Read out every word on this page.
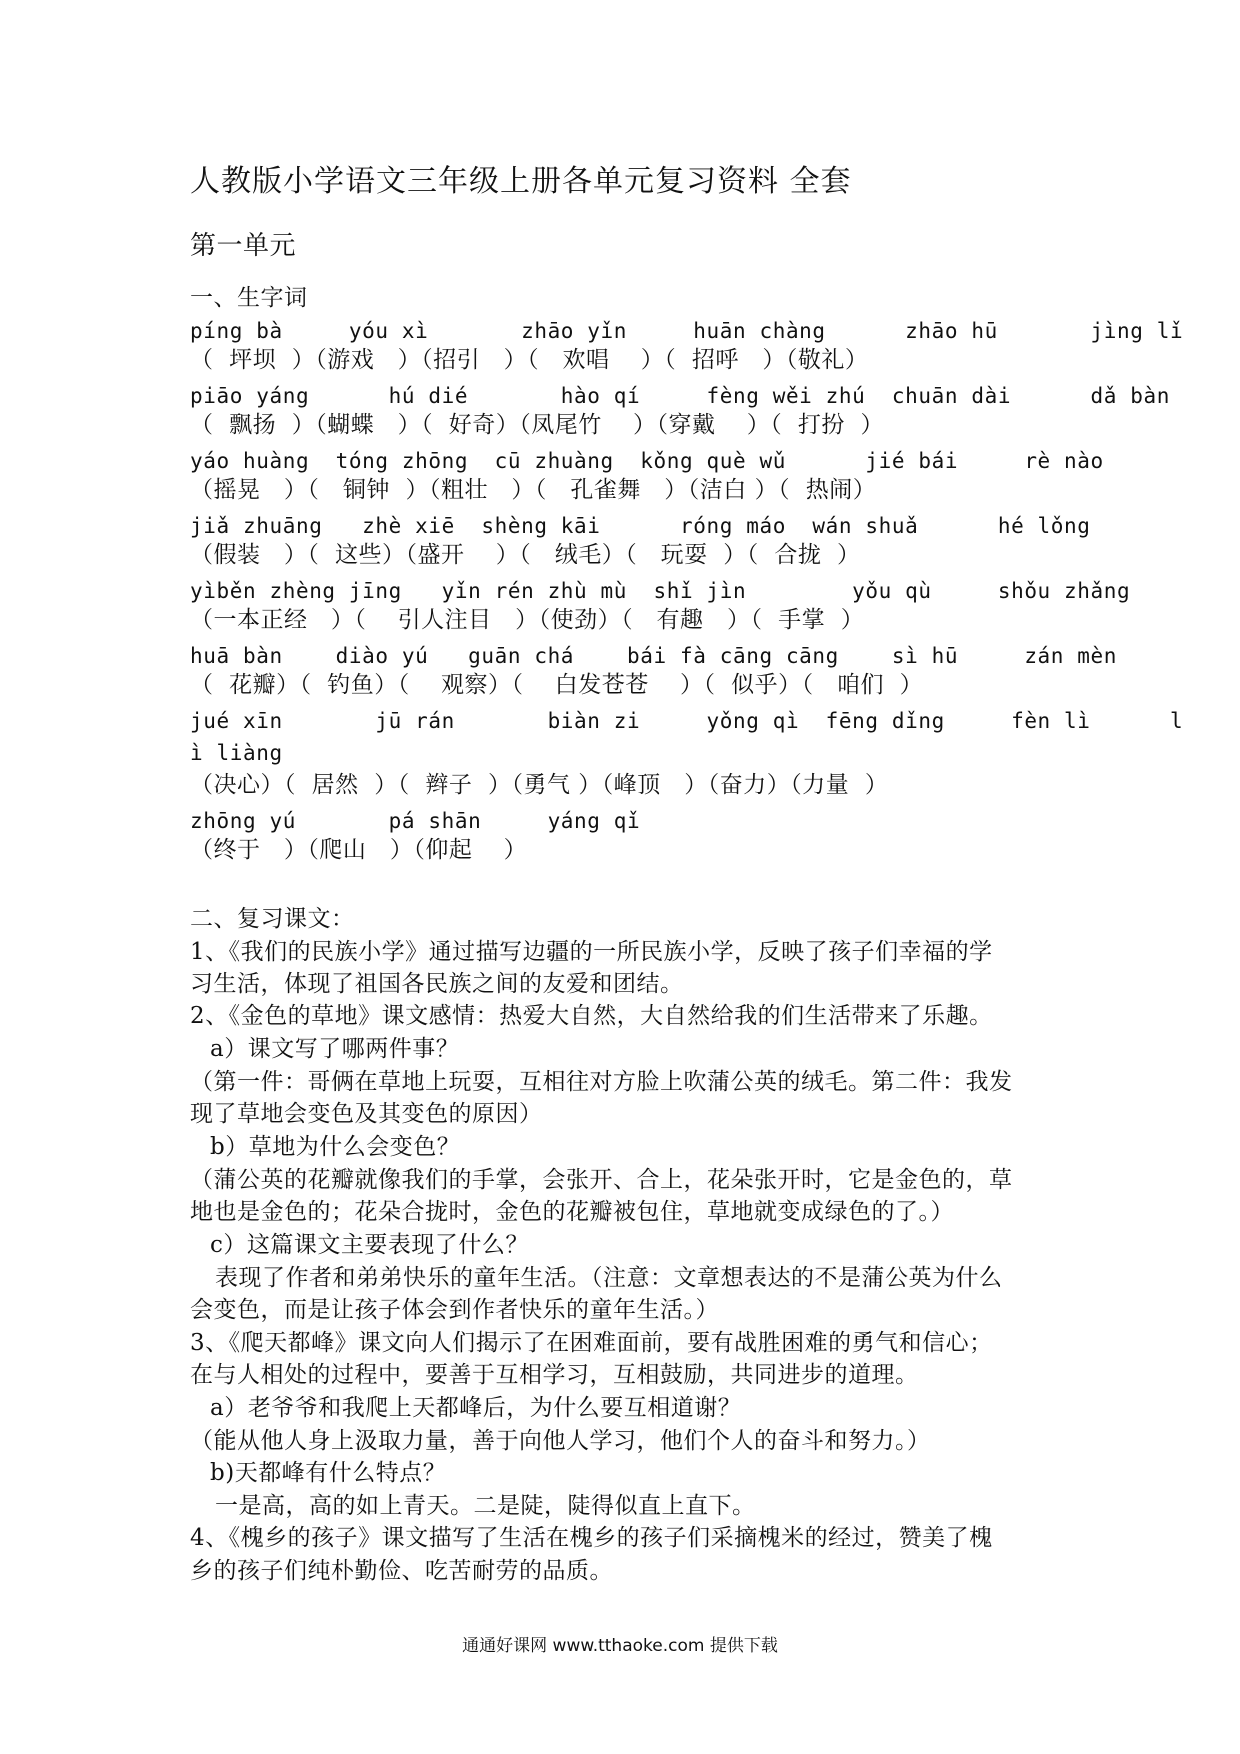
人教版小学语文三年级上册各单元复习资料 全套
第一单元
一、生字词
píng bà     yóu xì       zhāo yǐn     huān chàng      zhāo hū       jìng lǐ
（  坪坝  ）（游戏   ）（招引   ）（   欢唱    ）（  招呼   ）（敬礼）
piāo yáng      hú dié       hào qí     fèng wěi zhú  chuān dài      dǎ bàn
（  飘扬  ）（蝴蝶   ）（  好奇）（凤尾竹    ）（穿戴    ）（  打扮  ）
yáo huàng  tóng zhōng  cū zhuàng  kǒng què wǔ      jié bái     rè nào
（摇晃   ）（   铜钟  ）（粗壮   ）（   孔雀舞   ）（洁白 ）（  热闹）
jiǎ zhuāng   zhè xiē  shèng kāi      róng máo  wán shuǎ      hé lǒng
（假装   ）（  这些）（盛开    ）（   绒毛）（   玩耍  ）（  合拢  ）
yìběn zhèng jīng   yǐn rén zhù mù  shǐ jìn        yǒu qù     shǒu zhǎng
（一本正经   ）（    引人注目   ）（使劲）（   有趣   ）（  手掌  ）
huā bàn    diào yú   guān chá    bái fà cāng cāng    sì hū     zán mèn
（  花瓣）（  钓鱼）（    观察）（    白发苍苍    ）（  似乎）（   咱们  ）
jué xīn       jū rán       biàn zi     yǒng qì  fēng dǐng     fèn lì      l
ì liàng
（决心）（  居然  ）（  辫子  ）（勇气 ）（峰顶   ）（奋力）（力量  ）
zhōng yú       pá shān     yáng qǐ
（终于   ）（爬山   ）（仰起    ）
二、复习课文：
1、《我们的民族小学》通过描写边疆的一所民族小学，反映了孩子们幸福的学
习生活，体现了祖国各民族之间的友爱和团结。
2、《金色的草地》课文感情：热爱大自然，大自然给我的们生活带来了乐趣。
a）课文写了哪两件事？
（第一件：哥俩在草地上玩耍，互相往对方脸上吹蒲公英的绒毛。第二件：我发
现了草地会变色及其变色的原因）
b）草地为什么会变色？
（蒲公英的花瓣就像我们的手掌，会张开、合上，花朵张开时，它是金色的，草
地也是金色的；花朵合拢时，金色的花瓣被包住，草地就变成绿色的了。）
c）这篇课文主要表现了什么？
表现了作者和弟弟快乐的童年生活。（注意：文章想表达的不是蒲公英为什么
会变色，而是让孩子体会到作者快乐的童年生活。）
3、《爬天都峰》课文向人们揭示了在困难面前，要有战胜困难的勇气和信心；
在与人相处的过程中，要善于互相学习，互相鼓励，共同进步的道理。
a）老爷爷和我爬上天都峰后，为什么要互相道谢？
（能从他人身上汲取力量，善于向他人学习，他们个人的奋斗和努力。）
b)天都峰有什么特点？
一是高，高的如上青天。二是陡，陡得似直上直下。
4、《槐乡的孩子》课文描写了生活在槐乡的孩子们采摘槐米的经过，赞美了槐
乡的孩子们纯朴勤俭、吃苦耐劳的品质。
通通好课网 www.tthaoke.com 提供下载
